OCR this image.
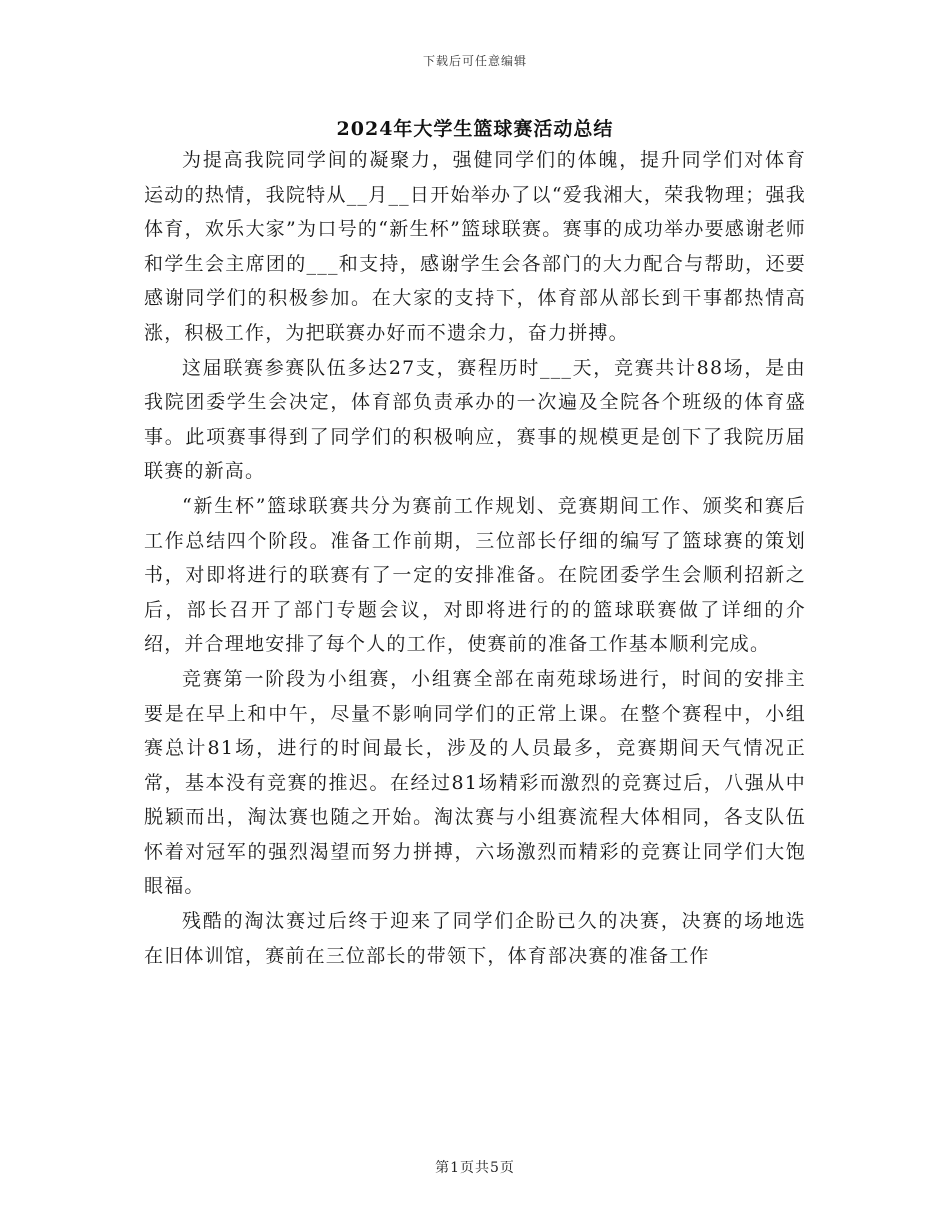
下载后可任意编辑
2024年大学生篮球赛活动总结

为提高我院同学间的凝聚力，强健同学们的体魄，提升同学们对体育运动的热情，我院特从__月__日开始举办了以“爱我湘大，荣我物理；强我体育，欢乐大家”为口号的“新生杯”篮球联赛。赛事的成功举办要感谢老师和学生会主席团的___和支持，感谢学生会各部门的大力配合与帮助，还要感谢同学们的积极参加。在大家的支持下，体育部从部长到干事都热情高涨，积极工作，为把联赛办好而不遗余力，奋力拼搏。

这届联赛参赛队伍多达27支，赛程历时___天，竞赛共计88场，是由我院团委学生会决定，体育部负责承办的一次遍及全院各个班级的体育盛事。此项赛事得到了同学们的积极响应，赛事的规模更是创下了我院历届联赛的新高。

“新生杯”篮球联赛共分为赛前工作规划、竞赛期间工作、颁奖和赛后工作总结四个阶段。准备工作前期，三位部长仔细的编写了篮球赛的策划书，对即将进行的联赛有了一定的安排准备。在院团委学生会顺利招新之后，部长召开了部门专题会议，对即将进行的的篮球联赛做了详细的介绍，并合理地安排了每个人的工作，使赛前的准备工作基本顺利完成。

竞赛第一阶段为小组赛，小组赛全部在南苑球场进行，时间的安排主要是在早上和中午，尽量不影响同学们的正常上课。在整个赛程中，小组赛总计81场，进行的时间最长，涉及的人员最多，竞赛期间天气情况正常，基本没有竞赛的推迟。在经过81场精彩而激烈的竞赛过后，八强从中脱颖而出，淘汰赛也随之开始。淘汰赛与小组赛流程大体相同，各支队伍怀着对冠军的强烈渴望而努力拼搏，六场激烈而精彩的竞赛让同学们大饱眼福。

残酷的淘汰赛过后终于迎来了同学们企盼已久的决赛，决赛的场地选在旧体训馆，赛前在三位部长的带领下，体育部决赛的准备工作

第1页共5页
